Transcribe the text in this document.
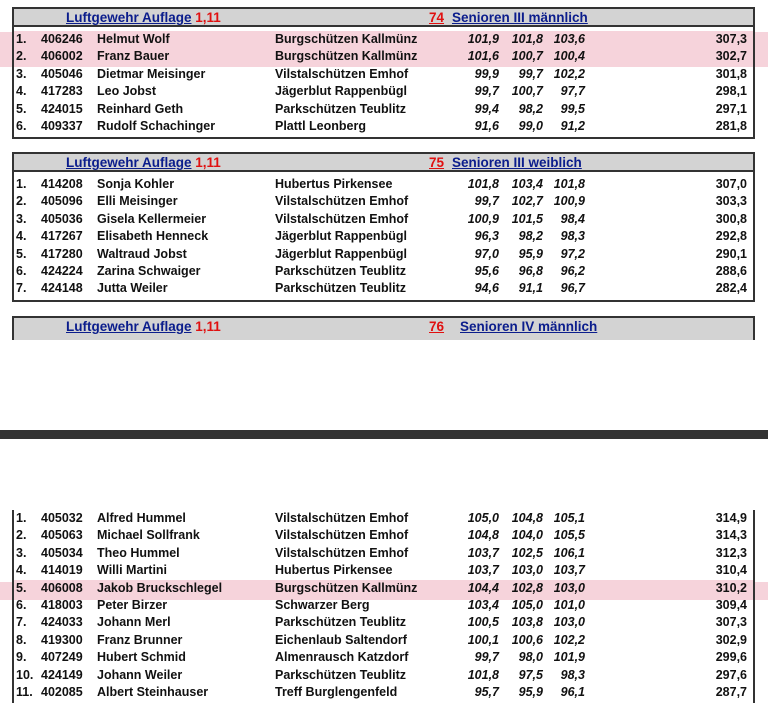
Luftgewehr Auflage 1,11	74 Senioren III männlich
1. 406246 Helmut Wolf	Burgschützen Kallmünz	101,9 101,8 103,6	307,3
2. 406002 Franz Bauer	Burgschützen Kallmünz	101,6 100,7 100,4	302,7
3. 405046 Dietmar Meisinger	Vilstalschützen Emhof	99,9 99,7 102,2	301,8
4. 417283 Leo Jobst	Jägerblut Rappenbügl	99,7 100,7 97,7	298,1
5. 424015 Reinhard Geth	Parkschützen Teublitz	99,4 98,2 99,5	297,1
6. 409337 Rudolf Schachinger	Plattl Leonberg	91,6 99,0 91,2	281,8
Luftgewehr Auflage 1,11	75 Senioren III weiblich
1. 414208 Sonja Kohler	Hubertus Pirkensee	101,8 103,4 101,8	307,0
2. 405096 Elli Meisinger	Vilstalschützen Emhof	99,7 102,7 100,9	303,3
3. 405036 Gisela Kellermeier	Vilstalschützen Emhof	100,9 101,5 98,4	300,8
4. 417267 Elisabeth Henneck	Jägerblut Rappenbügl	96,3 98,2 98,3	292,8
5. 417280 Waltraud Jobst	Jägerblut Rappenbügl	97,0 95,9 97,2	290,1
6. 424224 Zarina Schwaiger	Parkschützen Teublitz	95,6 96,8 96,2	288,6
7. 424148 Jutta Weiler	Parkschützen Teublitz	94,6 91,1 96,7	282,4
Luftgewehr Auflage 1,11	76 Senioren IV männlich
1. 405032 Alfred Hummel	Vilstalschützen Emhof	105,0 104,8 105,1	314,9
2. 405063 Michael Sollfrank	Vilstalschützen Emhof	104,8 104,0 105,5	314,3
3. 405034 Theo Hummel	Vilstalschützen Emhof	103,7 102,5 106,1	312,3
4. 414019 Willi Martini	Hubertus Pirkensee	103,7 103,0 103,7	310,4
5. 406008 Jakob Bruckschlegel	Burgschützen Kallmünz	104,4 102,8 103,0	310,2
6. 418003 Peter Birzer	Schwarzer Berg	103,4 105,0 101,0	309,4
7. 424033 Johann Merl	Parkschützen Teublitz	100,5 103,8 103,0	307,3
8. 419300 Franz Brunner	Eichenlaub Saltendorf	100,1 100,6 102,2	302,9
9. 407249 Hubert Schmid	Almenrausch Katzdorf	99,7 98,0 101,9	299,6
10. 424149 Johann Weiler	Parkschützen Teublitz	101,8 97,5 98,3	297,6
11. 402085 Albert Steinhauser	Treff Burglengenfeld	95,7 95,9 96,1	287,7
